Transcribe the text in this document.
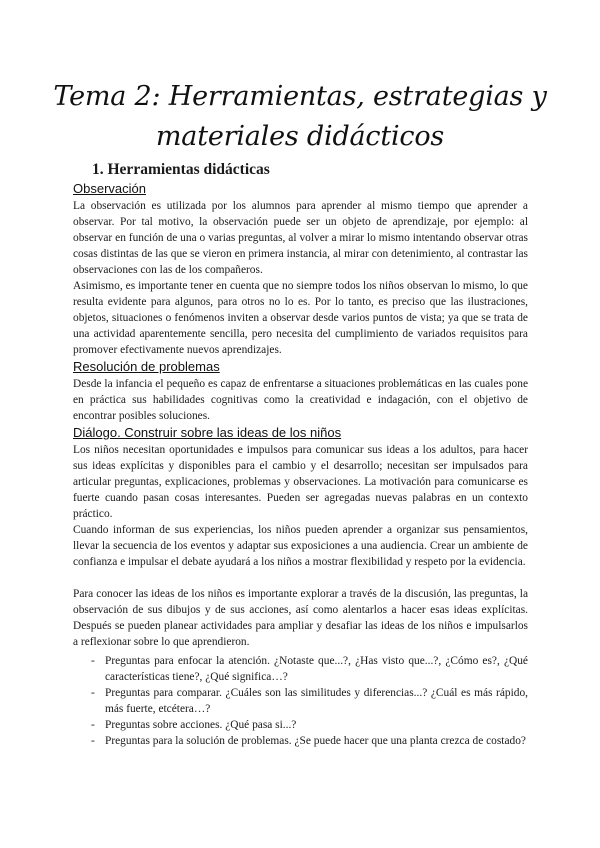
Tema 2: Herramientas, estrategias y
materiales didácticos
1. Herramientas didácticas
Observación

La observación es utilizada por los alumnos para aprender al mismo tiempo que aprender a observar. Por tal motivo, la observación puede ser un objeto de aprendizaje, por ejemplo: al observar en función de una o varias preguntas, al volver a mirar lo mismo intentando observar otras cosas distintas de las que se vieron en primera instancia, al mirar con detenimiento, al contrastar las observaciones con las de los compañeros.

Asimismo, es importante tener en cuenta que no siempre todos los niños observan lo mismo, lo que resulta evidente para algunos, para otros no lo es. Por lo tanto, es preciso que las ilustraciones, objetos, situaciones o fenómenos inviten a observar desde varios puntos de vista; ya que se trata de una actividad aparentemente sencilla, pero necesita del cumplimiento de variados requisitos para promover efectivamente nuevos aprendizajes.

Resolución de problemas

Desde la infancia el pequeño es capaz de enfrentarse a situaciones problemáticas en las cuales pone en práctica sus habilidades cognitivas como la creatividad e indagación, con el objetivo de encontrar posibles soluciones.

Diálogo. Construir sobre las ideas de los niños

Los niños necesitan oportunidades e impulsos para comunicar sus ideas a los adultos, para hacer sus ideas explícitas y disponibles para el cambio y el desarrollo; necesitan ser impulsados para articular preguntas, explicaciones, problemas y observaciones. La motivación para comunicarse es fuerte cuando pasan cosas interesantes. Pueden ser agregadas nuevas palabras en un contexto práctico.

Cuando informan de sus experiencias, los niños pueden aprender a organizar sus pensamientos, llevar la secuencia de los eventos y adaptar sus exposiciones a una audiencia. Crear un ambiente de confianza e impulsar el debate ayudará a los niños a mostrar flexibilidad y respeto por la evidencia.

Para conocer las ideas de los niños es importante explorar a través de la discusión, las preguntas, la observación de sus dibujos y de sus acciones, así como alentarlos a hacer esas ideas explícitas. Después se pueden planear actividades para ampliar y desafiar las ideas de los niños e impulsarlos a reflexionar sobre lo que aprendieron.

- Preguntas para enfocar la atención. ¿Notaste que...?, ¿Has visto que...?, ¿Cómo es?, ¿Qué características tiene?, ¿Qué significa…?
- Preguntas para comparar. ¿Cuáles son las similitudes y diferencias...? ¿Cuál es más rápido, más fuerte, etcétera…?
- Preguntas sobre acciones. ¿Qué pasa si...?
- Preguntas para la solución de problemas. ¿Se puede hacer que una planta crezca de costado?
